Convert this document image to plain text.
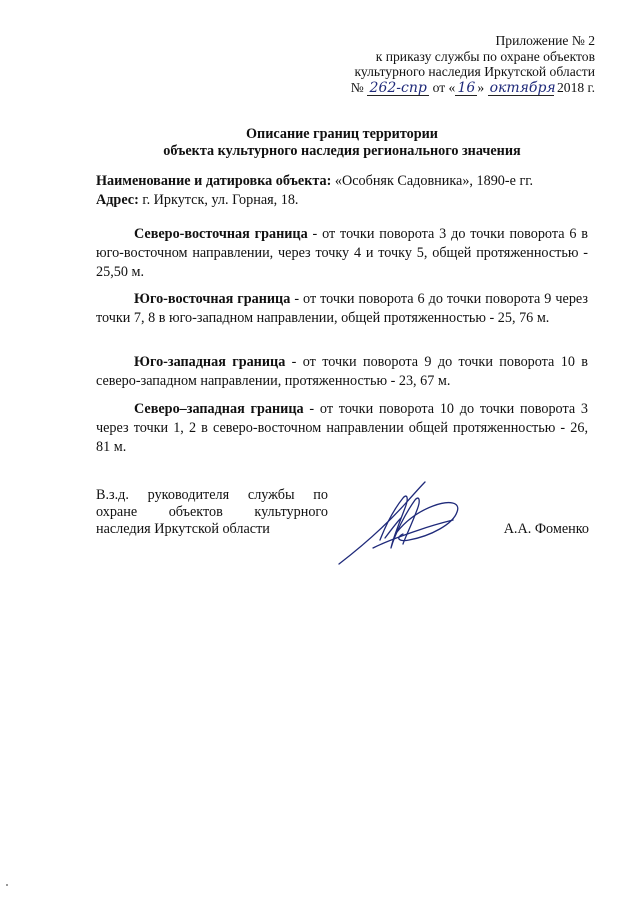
Приложение № 2
к приказу службы по охране объектов
культурного наследия Иркутской области
№ 262-спр от « 16 » октября 2018 г.
Описание границ территории
объекта культурного наследия регионального значения
Наименование и датировка объекта: «Особняк Садовника», 1890-е гг.
Адрес: г. Иркутск, ул. Горная, 18.
Северо-восточная граница - от точки поворота 3 до точки поворота 6 в юго-восточном направлении, через точку 4 и точку 5, общей протяженностью - 25,50 м.
Юго-восточная граница - от точки поворота 6 до точки поворота 9 через точки 7, 8 в юго-западном направлении, общей протяженностью - 25, 76 м.
Юго-западная граница - от точки поворота 9 до точки поворота 10 в северо-западном направлении, протяженностью - 23, 67 м.
Северо–западная граница - от точки поворота 10 до точки поворота 3 через точки 1, 2 в северо-восточном направлении общей протяженностью - 26, 81 м.
В.з.д. руководителя службы по
охране объектов культурного
наследия Иркутской области	А.А. Фоменко
